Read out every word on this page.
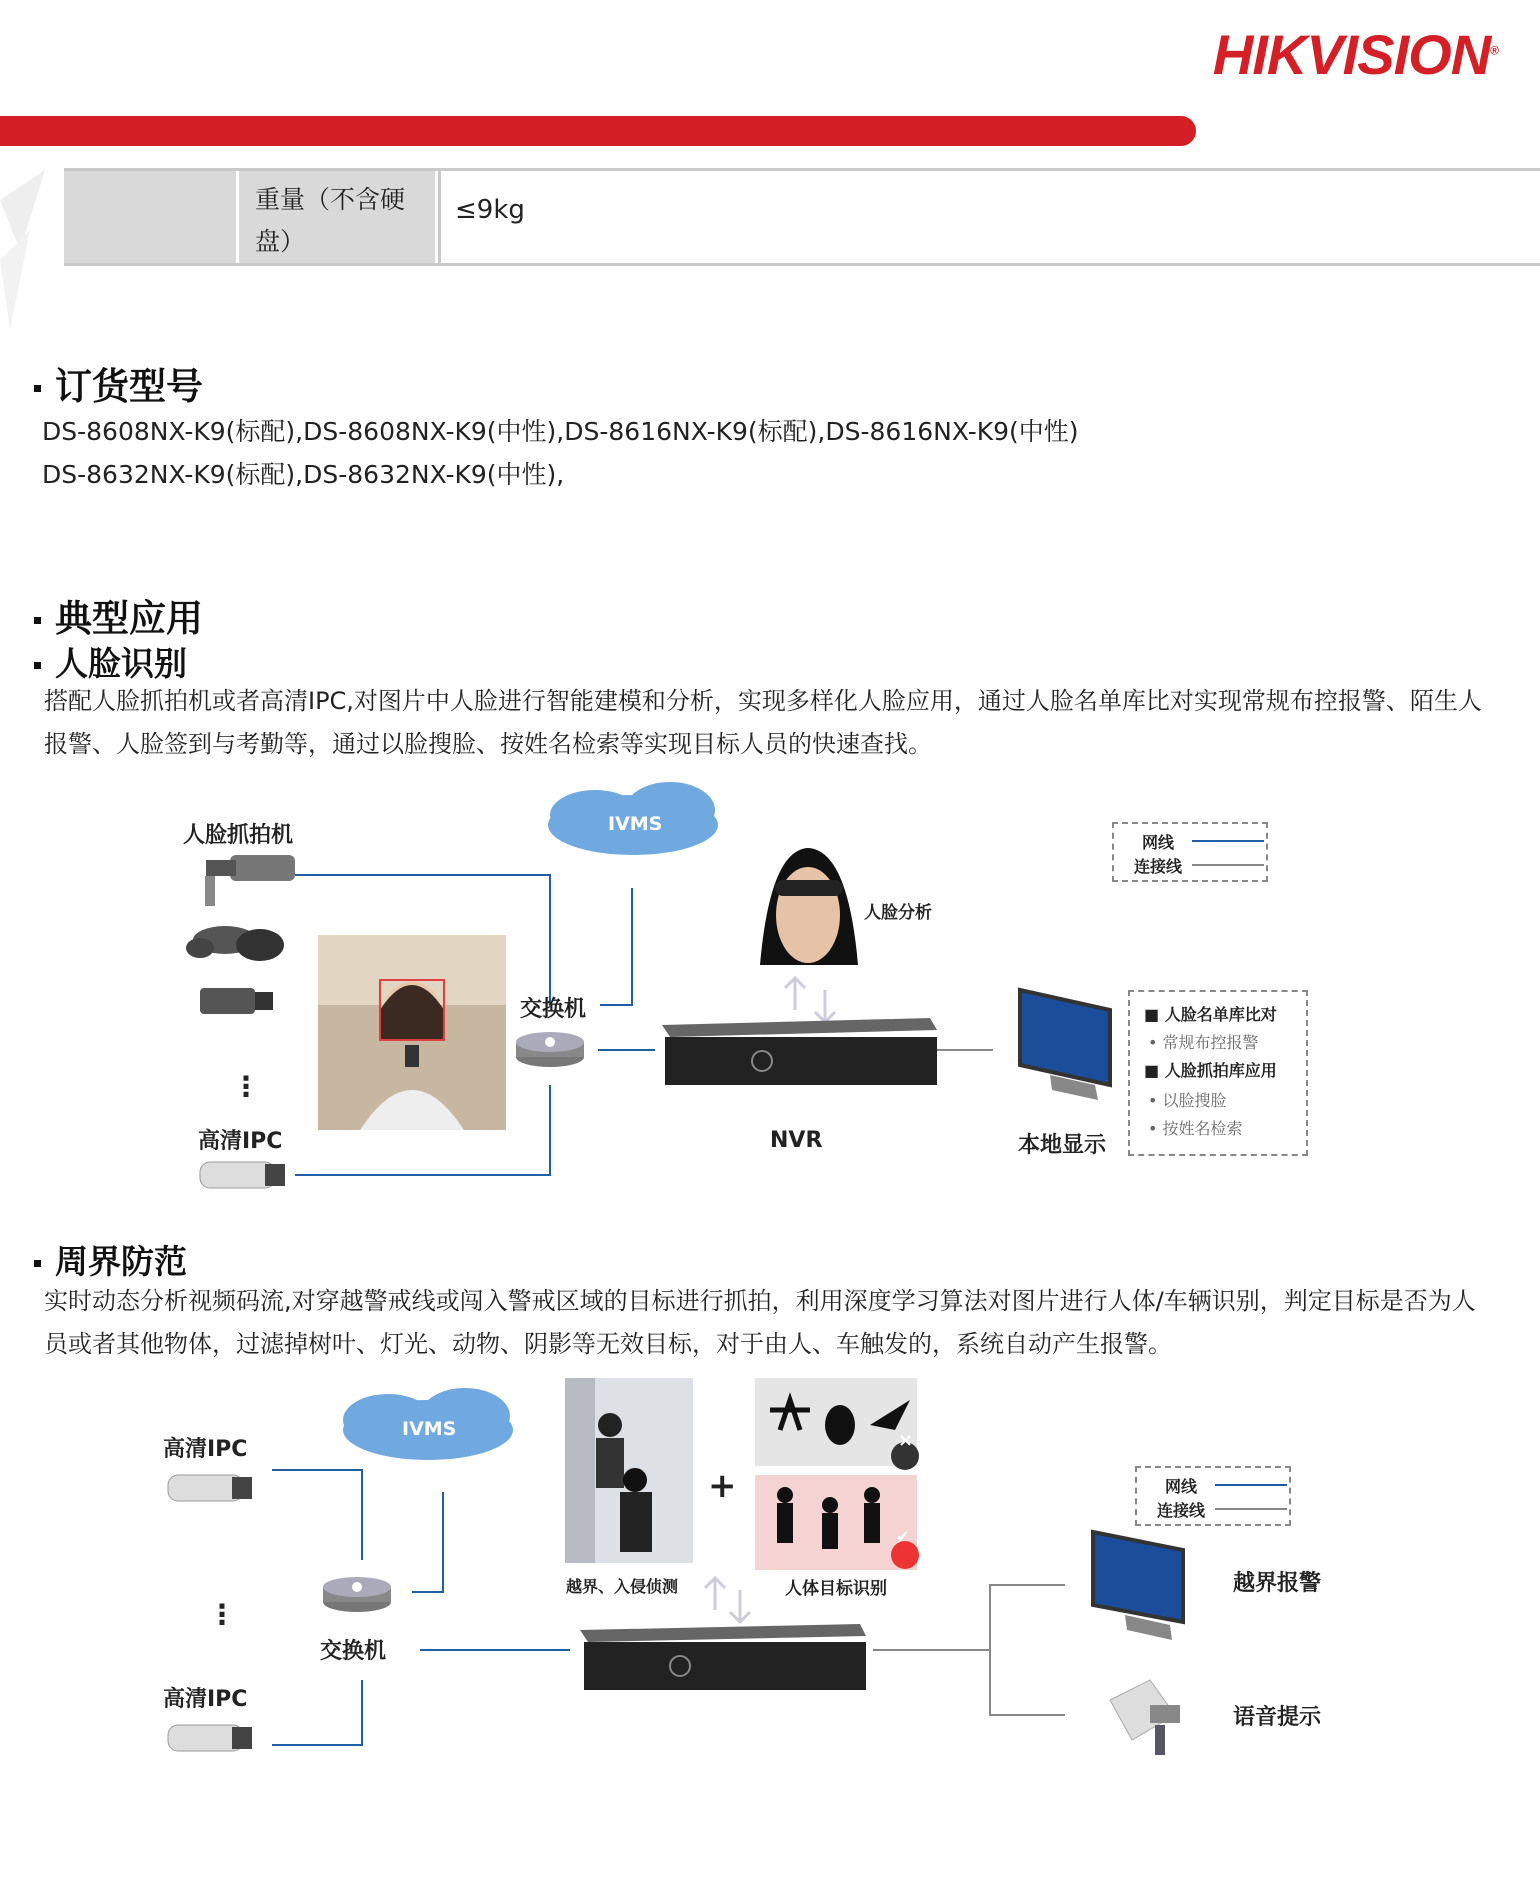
HIKVISION®
重量（不含硬盘）
≤9kg
订货型号
DS-8608NX-K9(标配),DS-8608NX-K9(中性),DS-8616NX-K9(标配),DS-8616NX-K9(中性)
DS-8632NX-K9(标配),DS-8632NX-K9(中性),
典型应用
人脸识别
搭配人脸抓拍机或者高清IPC,对图片中人脸进行智能建模和分析，实现多样化人脸应用，通过人脸名单库比对实现常规布控报警、陌生人报警、人脸签到与考勤等，通过以脸搜脸、按姓名检索等实现目标人员的快速查找。
人脸抓拍机
⋮
高清IPC
IVMS
交换机
人脸分析
NVR	本地显示
网线
连接线
■ 人脸名单库比对
• 常规布控报警
■ 人脸抓拍库应用
• 以脸搜脸
• 按姓名检索
周界防范
实时动态分析视频码流,对穿越警戒线或闯入警戒区域的目标进行抓拍，利用深度学习算法对图片进行人体/车辆识别，判定目标是否为人员或者其他物体，过滤掉树叶、灯光、动物、阴影等无效目标，对于由人、车触发的，系统自动产生报警。
高清IPC
⋮
高清IPC
IVMS
交换机
越界、入侵侦测
+
×
✔
人体目标识别	越界报警
语音提示
网线
连接线
